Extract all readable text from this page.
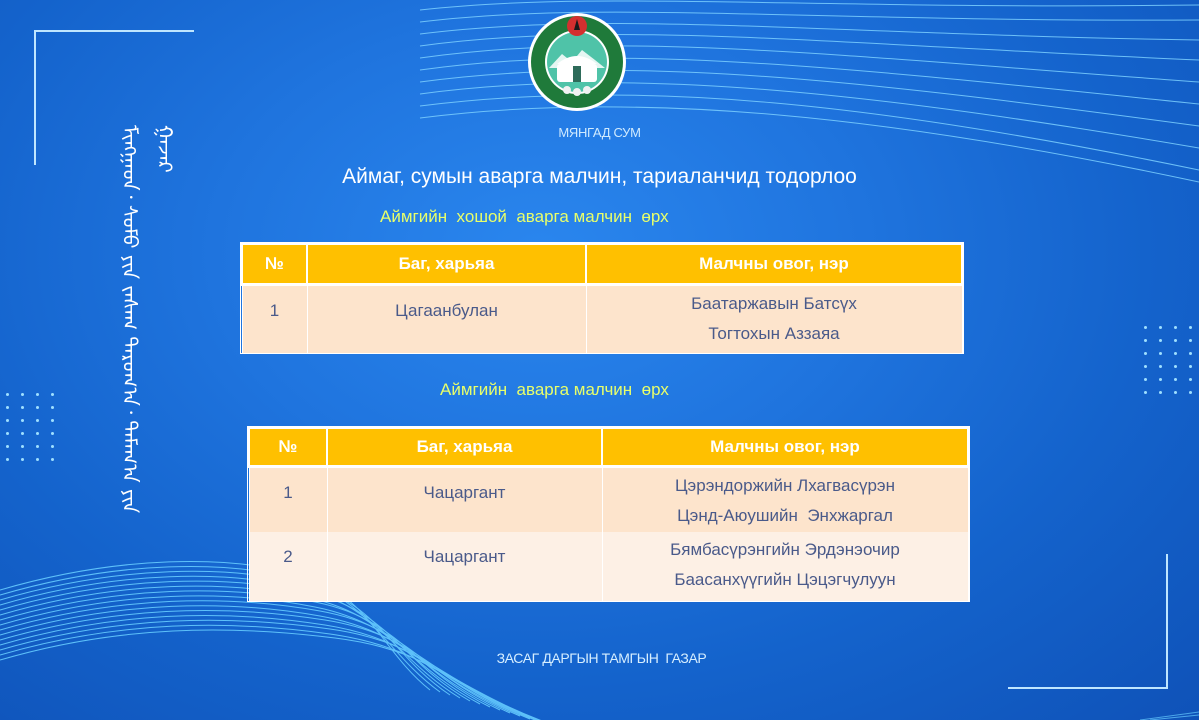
МЯНГАД СУМ
ᠮᠢᠩᠭᠠᠳ᠂ ᠰᠤᠮᠤ ᠶᠢᠨ ᠵᠠᠰᠠᠭ ᠳᠠᠷᠤᠭ᠎ᠠ᠂ ᠲᠠᠮᠠᠭ᠎ᠠ ᠶᠢᠨ ᠭᠠᠵᠠᠷ
Аймаг, сумын аварга малчин, тариаланчид тодорлоо
Аймгийн  хошой  аварга малчин  өрх
№	Баг, харьяа	Малчны овог, нэр
1	Цагаанбулан	Баатаржавын Батсүх
Тогтохын Аззаяа
Аймгийн  аварга малчин  өрх
№	Баг, харьяа	Малчны овог, нэр
1	Чацаргант	Цэрэндоржийн Лхагвасүрэн
Цэнд-Аюушийн  Энхжаргал

2	Чацаргант	Бямбасүрэнгийн Эрдэнэочир
Баасанхүүгийн Цэцэгчулуун
ЗАСАГ ДАРГЫН ТАМГЫН  ГАЗАР
